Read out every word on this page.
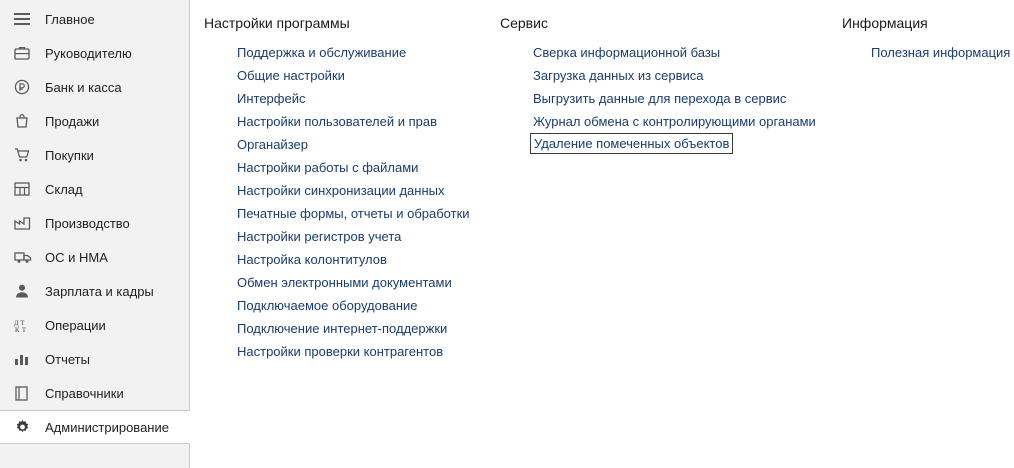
Главное
Руководителю
Банк и касса
Продажи
Покупки
Склад
Производство
ОС и НМА
Зарплата и кадры
д т
к т Операции
Отчеты
Справочники
Администрирование
Настройки программы
Поддержка и обслуживание
Общие настройки
Интерфейс
Настройки пользователей и прав
Органайзер
Настройки работы с файлами
Настройки синхронизации данных
Печатные формы, отчеты и обработки
Настройки регистров учета
Настройка колонтитулов
Обмен электронными документами
Подключаемое оборудование
Подключение интернет-поддержки
Настройки проверки контрагентов
Сервис
Сверка информационной базы
Загрузка данных из сервиса
Выгрузить данные для перехода в сервис
Журнал обмена с контролирующими органами
Удаление помеченных объектов
Информация
Полезная информация
